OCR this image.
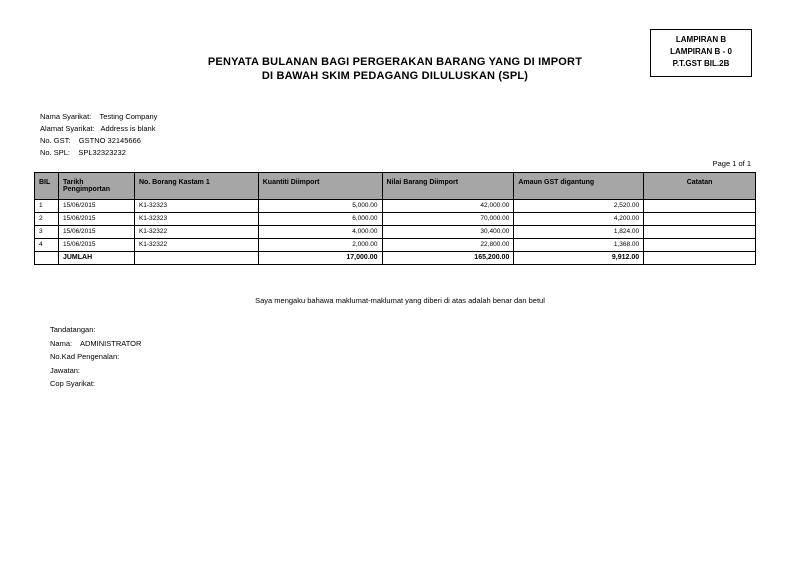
PENYATA BULANAN BAGI PERGERAKAN BARANG YANG DI IMPORT
DI BAWAH SKIM PEDAGANG DILULUSKAN (SPL)
LAMPIRAN B
LAMPIRAN B - 0
P.T.GST BIL.2B
Nama Syarikat: Testing Company
Alamat Syarikat: Address is blank
No. GST: GSTNO 32145666
No. SPL: SPL32323232
Page 1 of 1
BIL	Tarikh Pengimportan	No. Borang Kastam 1	Kuantiti Diimport	Nilai Barang Diimport	Amaun GST digantung	Catatan
1	15/06/2015	K1-32323	5,000.00	42,000.00	2,520.00	
2	15/06/2015	K1-32323	6,000.00	70,000.00	4,200.00	
3	15/06/2015	K1-32322	4,000.00	30,400.00	1,824.00	
4	15/06/2015	K1-32322	2,000.00	22,800.00	1,368.00	
	JUMLAH		17,000.00	165,200.00	9,912.00	
Saya mengaku bahawa maklumat-maklumat yang diberi di atas adalah benar dan betul
Tandatangan:
Nama: ADMINISTRATOR
No.Kad Pengenalan:
Jawatan:
Cop Syarikat:
